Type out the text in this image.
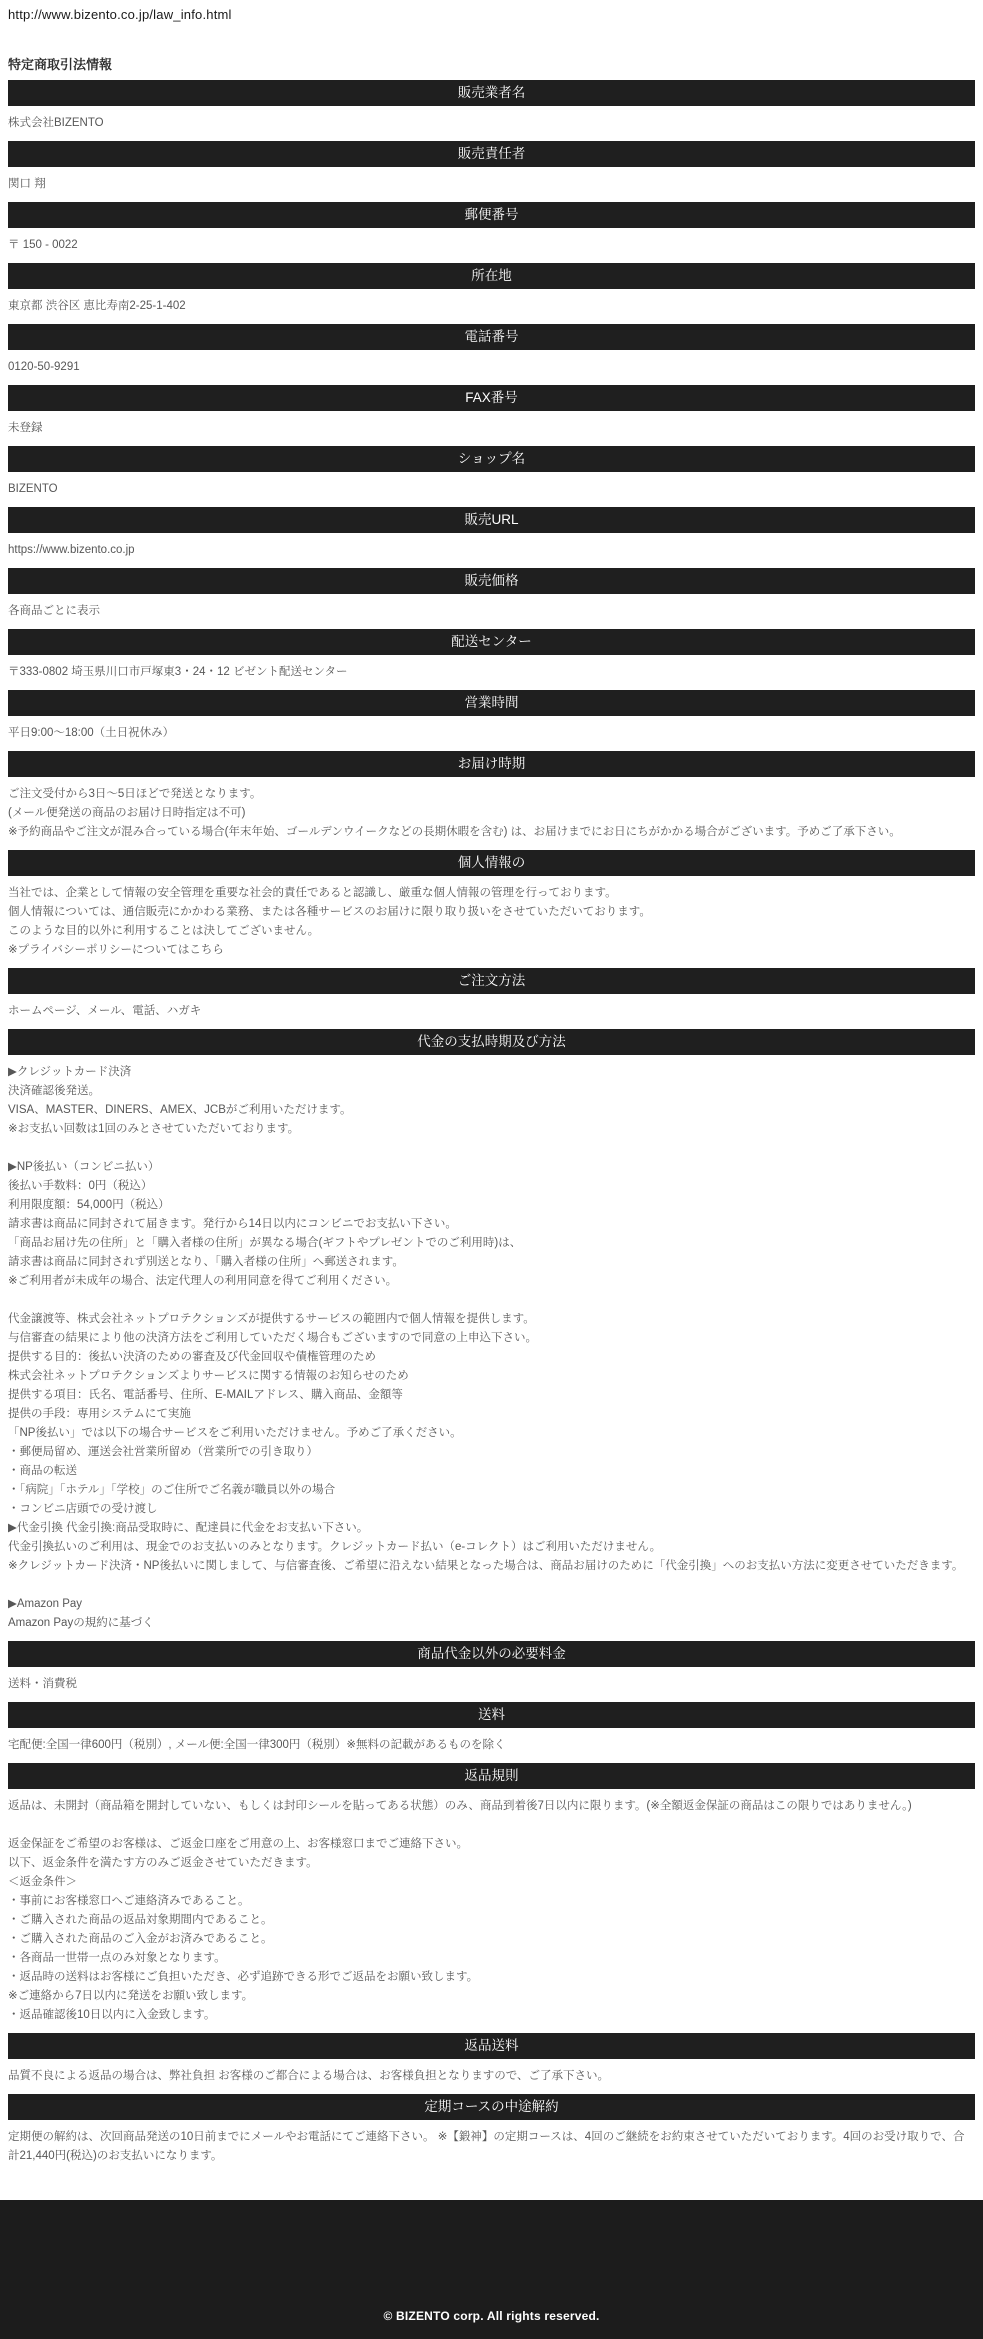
http://www.bizento.co.jp/law_info.html
特定商取引法情報
販売業者名
株式会社BIZENTO
販売責任者
関口 翔
郵便番号
〒 150 - 0022
所在地
東京都 渋谷区 恵比寿南2-25-1-402
電話番号
0120-50-9291
FAX番号
未登録
ショップ名
BIZENTO
販売URL
https://www.bizento.co.jp
販売価格
各商品ごとに表示
配送センター
〒333-0802 埼玉県川口市戸塚東3・24・12 ビゼント配送センター
営業時間
平日9:00～18:00（土日祝休み）
お届け時期
ご注文受付から3日～5日ほどで発送となります。
(メール便発送の商品のお届け日時指定は不可)
※予約商品やご注文が混み合っている場合(年末年始、ゴールデンウイークなどの長期休暇を含む) は、お届けまでにお日にちがかかる場合がございます。予めご了承下さい。
個人情報の
当社では、企業として情報の安全管理を重要な社会的責任であると認識し、厳重な個人情報の管理を行っております。
個人情報については、通信販売にかかわる業務、または各種サービスのお届けに限り取り扱いをさせていただいております。
このような目的以外に利用することは決してございません。
※プライバシーポリシーについてはこちら
ご注文方法
ホームページ、メール、電話、ハガキ
代金の支払時期及び方法
▶クレジットカード決済
決済確認後発送。
VISA、MASTER、DINERS、AMEX、JCBがご利用いただけます。
※お支払い回数は1回のみとさせていただいております。
▶NP後払い（コンビニ払い）
後払い手数料：0円（税込）
利用限度額：54,000円（税込）
請求書は商品に同封されて届きます。発行から14日以内にコンビニでお支払い下さい。
「商品お届け先の住所」と「購入者様の住所」が異なる場合(ギフトやプレゼントでのご利用時)は、
請求書は商品に同封されず別送となり、「購入者様の住所」へ郵送されます。
※ご利用者が未成年の場合、法定代理人の利用同意を得てご利用ください。
代金譲渡等、株式会社ネットプロテクションズが提供するサービスの範囲内で個人情報を提供します。
与信審査の結果により他の決済方法をご利用していただく場合もございますので同意の上申込下さい。
提供する目的：後払い決済のための審査及び代金回収や債権管理のため
株式会社ネットプロテクションズよりサービスに関する情報のお知らせのため
提供する項目：氏名、電話番号、住所、E-MAILアドレス、購入商品、金額等
提供の手段：専用システムにて実施
「NP後払い」では以下の場合サービスをご利用いただけません。予めご了承ください。
・郵便局留め、運送会社営業所留め（営業所での引き取り）
・商品の転送
・「病院」「ホテル」「学校」のご住所でご名義が職員以外の場合
・コンビニ店頭での受け渡し
▶代金引換 代金引換:商品受取時に、配達員に代金をお支払い下さい。
代金引換払いのご利用は、現金でのお支払いのみとなります。クレジットカード払い（e-コレクト）はご利用いただけません。
※クレジットカード決済・NP後払いに関しまして、与信審査後、ご希望に沿えない結果となった場合は、商品お届けのために「代金引換」へのお支払い方法に変更させていただきます。
▶Amazon Pay
Amazon Payの規約に基づく
商品代金以外の必要料金
送料・消費税
送料
宅配便:全国一律600円（税別）, メール便:全国一律300円（税別）※無料の記載があるものを除く
返品規則
返品は、未開封（商品箱を開封していない、もしくは封印シールを貼ってある状態）のみ、商品到着後7日以内に限ります。(※全額返金保証の商品はこの限りではありません。)
返金保証をご希望のお客様は、ご返金口座をご用意の上、お客様窓口までご連絡下さい。
以下、返金条件を満たす方のみご返金させていただきます。
＜返金条件＞
・事前にお客様窓口へご連絡済みであること。
・ご購入された商品の返品対象期間内であること。
・ご購入された商品のご入金がお済みであること。
・各商品一世帯一点のみ対象となります。
・返品時の送料はお客様にご負担いただき、必ず追跡できる形でご返品をお願い致します。
※ご連絡から7日以内に発送をお願い致します。
・返品確認後10日以内に入金致します。
返品送料
品質不良による返品の場合は、弊社負担 お客様のご都合による場合は、お客様負担となりますので、ご了承下さい。
定期コースの中途解約
定期便の解約は、次回商品発送の10日前までにメールやお電話にてご連絡下さい。 ※【鍛神】の定期コースは、4回のご継続をお約束させていただいております。4回のお受け取りで、合計21,440円(税込)のお支払いになります。
© BIZENTO corp. All rights reserved.
